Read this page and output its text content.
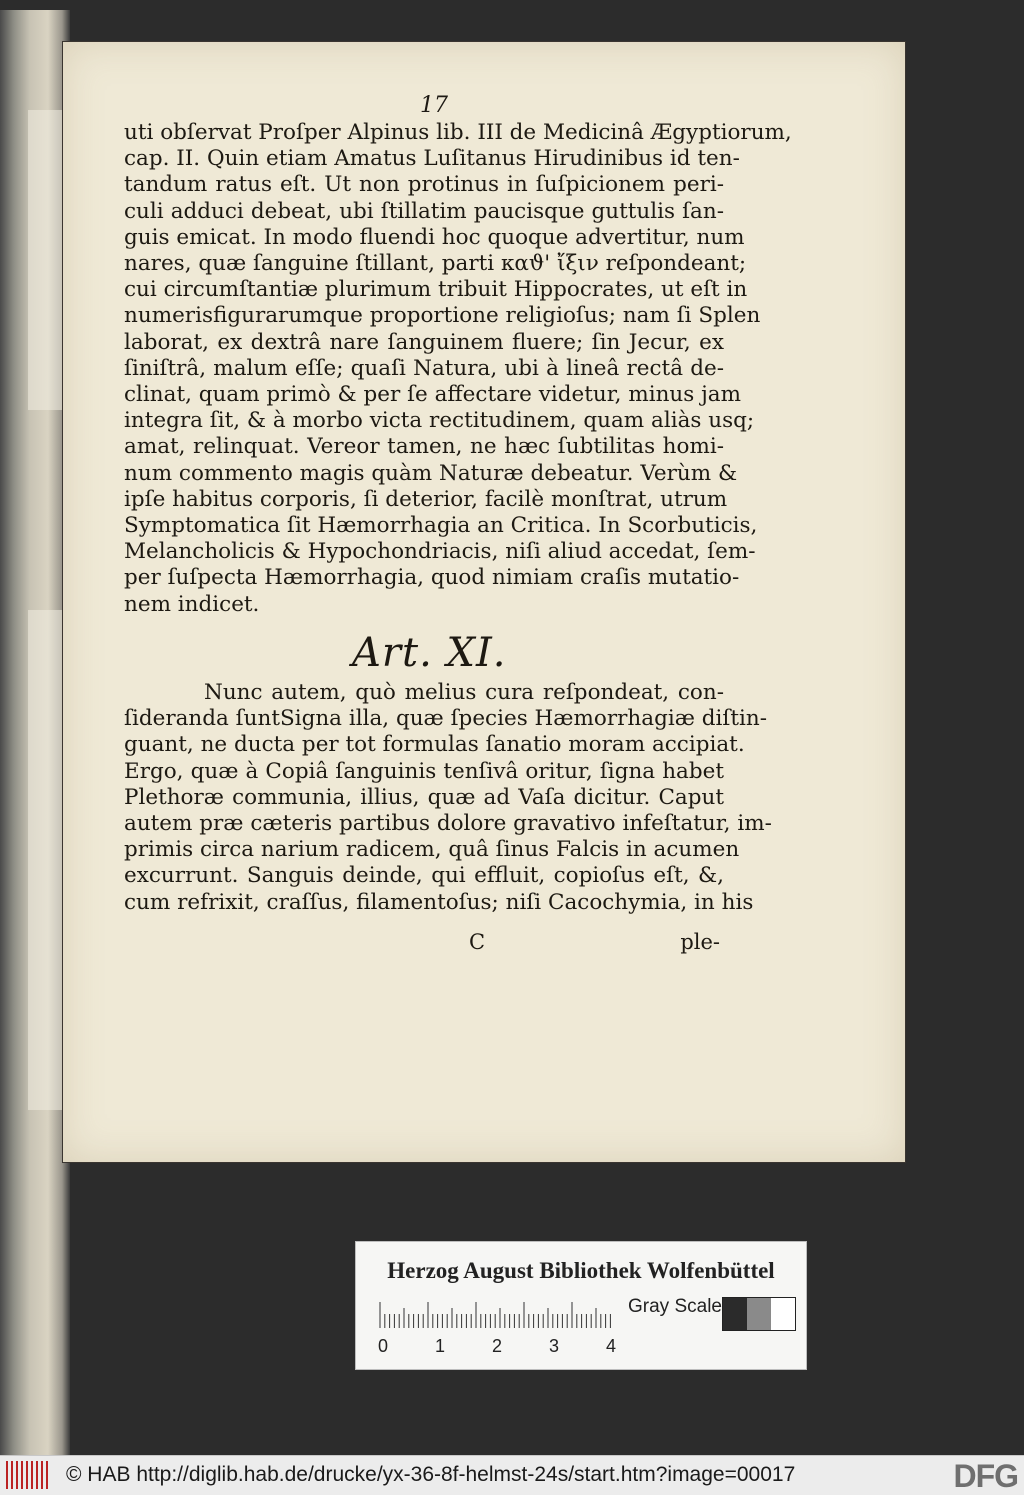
17
uti obſervat Proſper Alpinus lib. III de Medicinâ Ægyptiorum,
cap. II. Quin etiam Amatus Luſitanus Hirudinibus id ten-
tandum ratus eſt. Ut non protinus in ſuſpicionem peri-
culi adduci debeat, ubi ſtillatim paucisque guttulis ſan-
guis emicat. In modo fluendi hoc quoque advertitur, num
nares, quæ ſanguine ſtillant, parti καϑ' ἴξιν reſpondeant;
cui circumſtantiæ plurimum tribuit Hippocrates, ut eſt in
numerisfigurarumque proportione religioſus; nam ſi Splen
laborat, ex dextrâ nare ſanguinem fluere; ſin Jecur, ex
ſiniſtrâ, malum eſſe; quaſi Natura, ubi à lineâ rectâ de-
clinat, quam primò & per ſe affectare videtur, minus jam
integra ſit, & à morbo victa rectitudinem, quam aliàs usq;
amat, relinquat. Vereor tamen, ne hæc ſubtilitas homi-
num commento magis quàm Naturæ debeatur. Verùm &
ipſe habitus corporis, ſi deterior, facilè monſtrat, utrum
Symptomatica ſit Hæmorrhagia an Critica. In Scorbuticis,
Melancholicis & Hypochondriacis, niſi aliud accedat, ſem-
per ſuſpecta Hæmorrhagia, quod nimiam craſis mutatio-
nem indicet.
Art. XI.
Nunc autem, quò melius cura reſpondeat, con-
ſideranda ſuntSigna illa, quæ ſpecies Hæmorrhagiæ diſtin-
guant, ne ducta per tot formulas ſanatio moram accipiat.
Ergo, quæ à Copiâ ſanguinis tenſivâ oritur, ſigna habet
Plethoræ communia, illius, quæ ad Vaſa dicitur. Caput
autem præ cæteris partibus dolore gravativo infeſtatur, im-
primis circa narium radicem, quâ ſinus Falcis in acumen
excurrunt. Sanguis deinde, qui effluit, copioſus eſt, &,
cum refrixit, craſſus, filamentoſus; niſi Cacochymia, in his
C	ple-
Herzog August Bibliothek Wolfenbüttel
Gray Scale
0	1	2	3	4
© HAB http://diglib.hab.de/drucke/yx-36-8f-helmst-24s/start.htm?image=00017	DFG
